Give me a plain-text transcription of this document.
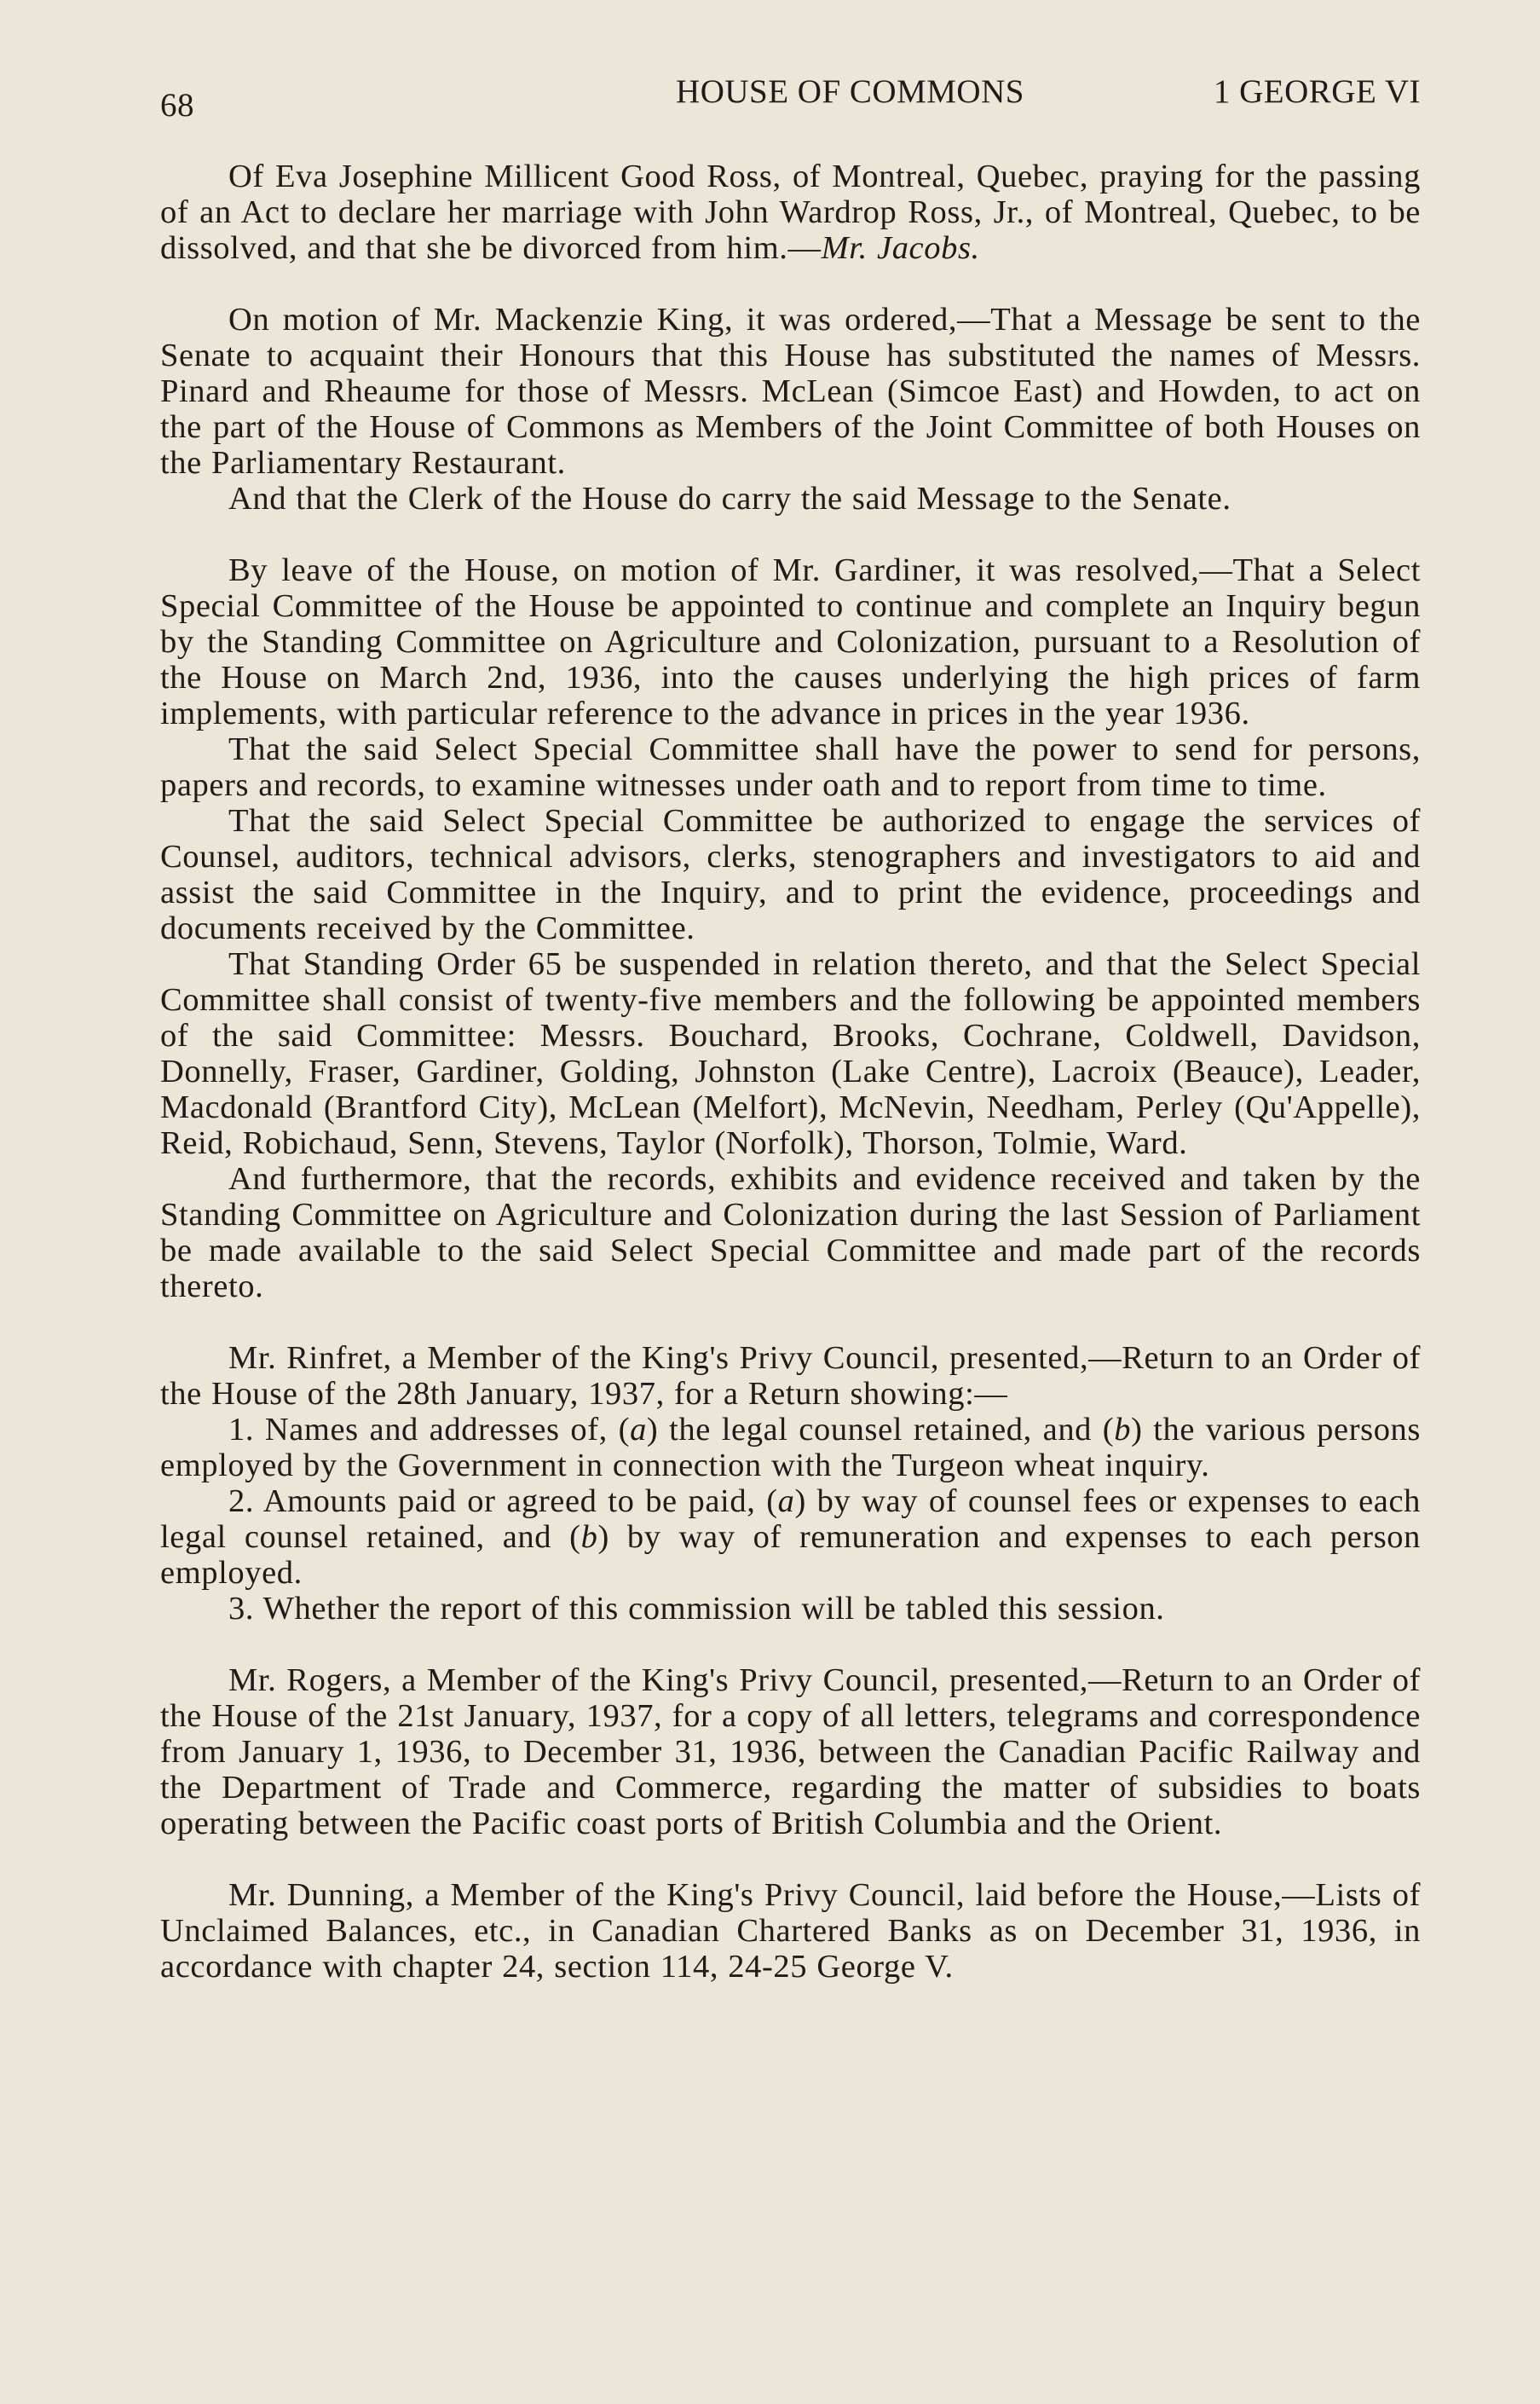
68	HOUSE OF COMMONS	1 GEORGE VI

Of Eva Josephine Millicent Good Ross, of Montreal, Quebec, praying for the passing of an Act to declare her marriage with John Wardrop Ross, Jr., of Montreal, Quebec, to be dissolved, and that she be divorced from him.—Mr. Jacobs.

On motion of Mr. Mackenzie King, it was ordered,—That a Message be sent to the Senate to acquaint their Honours that this House has substituted the names of Messrs. Pinard and Rheaume for those of Messrs. McLean (Simcoe East) and Howden, to act on the part of the House of Commons as Members of the Joint Committee of both Houses on the Parliamentary Restaurant.

And that the Clerk of the House do carry the said Message to the Senate.

By leave of the House, on motion of Mr. Gardiner, it was resolved,—That a Select Special Committee of the House be appointed to continue and complete an Inquiry begun by the Standing Committee on Agriculture and Colonization, pursuant to a Resolution of the House on March 2nd, 1936, into the causes underlying the high prices of farm implements, with particular reference to the advance in prices in the year 1936.

That the said Select Special Committee shall have the power to send for persons, papers and records, to examine witnesses under oath and to report from time to time.

That the said Select Special Committee be authorized to engage the services of Counsel, auditors, technical advisors, clerks, stenographers and investigators to aid and assist the said Committee in the Inquiry, and to print the evidence, proceedings and documents received by the Committee.

That Standing Order 65 be suspended in relation thereto, and that the Select Special Committee shall consist of twenty-five members and the following be appointed members of the said Committee: Messrs. Bouchard, Brooks, Cochrane, Coldwell, Davidson, Donnelly, Fraser, Gardiner, Golding, Johnston (Lake Centre), Lacroix (Beauce), Leader, Macdonald (Brantford City), McLean (Melfort), McNevin, Needham, Perley (Qu'Appelle), Reid, Robichaud, Senn, Stevens, Taylor (Norfolk), Thorson, Tolmie, Ward.

And furthermore, that the records, exhibits and evidence received and taken by the Standing Committee on Agriculture and Colonization during the last Session of Parliament be made available to the said Select Special Committee and made part of the records thereto.

Mr. Rinfret, a Member of the King's Privy Council, presented,—Return to an Order of the House of the 28th January, 1937, for a Return showing:—

1. Names and addresses of, (a) the legal counsel retained, and (b) the various persons employed by the Government in connection with the Turgeon wheat inquiry.

2. Amounts paid or agreed to be paid, (a) by way of counsel fees or expenses to each legal counsel retained, and (b) by way of remuneration and expenses to each person employed.

3. Whether the report of this commission will be tabled this session.

Mr. Rogers, a Member of the King's Privy Council, presented,—Return to an Order of the House of the 21st January, 1937, for a copy of all letters, telegrams and correspondence from January 1, 1936, to December 31, 1936, between the Canadian Pacific Railway and the Department of Trade and Commerce, regarding the matter of subsidies to boats operating between the Pacific coast ports of British Columbia and the Orient.

Mr. Dunning, a Member of the King's Privy Council, laid before the House,—Lists of Unclaimed Balances, etc., in Canadian Chartered Banks as on December 31, 1936, in accordance with chapter 24, section 114, 24-25 George V.
